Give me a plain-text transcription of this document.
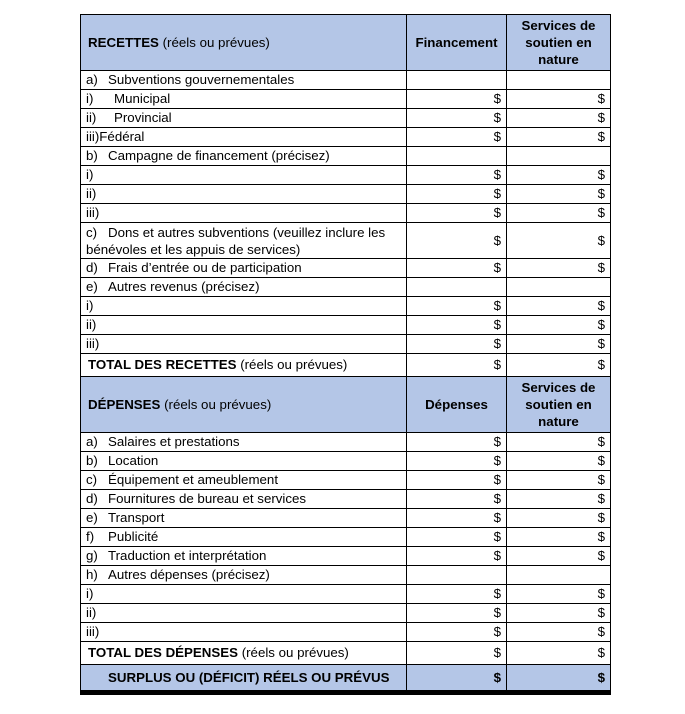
RECETTES (réels ou prévues)	Financement	Services de soutien en nature
a) Subventions gouvernementales		
i) Municipal	$	$
ii) Provincial	$	$
iii)Fédéral	$	$
b) Campagne de financement (précisez)		
i)	$	$
ii)	$	$
iii)	$	$
c) Dons et autres subventions (veuillez inclure les bénévoles et les appuis de services)	$	$
d) Frais d’entrée ou de participation	$	$
e) Autres revenus (précisez)		
i)	$	$
ii)	$	$
iii)	$	$
TOTAL DES RECETTES (réels ou prévues)	$	$
DÉPENSES (réels ou prévues)	Dépenses	Services de soutien en nature
a) Salaires et prestations	$	$
b) Location	$	$
c) Équipement et ameublement	$	$
d) Fournitures de bureau et services	$	$
e) Transport	$	$
f) Publicité	$	$
g) Traduction et interprétation	$	$
h) Autres dépenses (précisez)		
i)	$	$
ii)	$	$
iii)	$	$
TOTAL DES DÉPENSES (réels ou prévues)	$	$
SURPLUS OU (DÉFICIT) RÉELS OU PRÉVUS	$	$
